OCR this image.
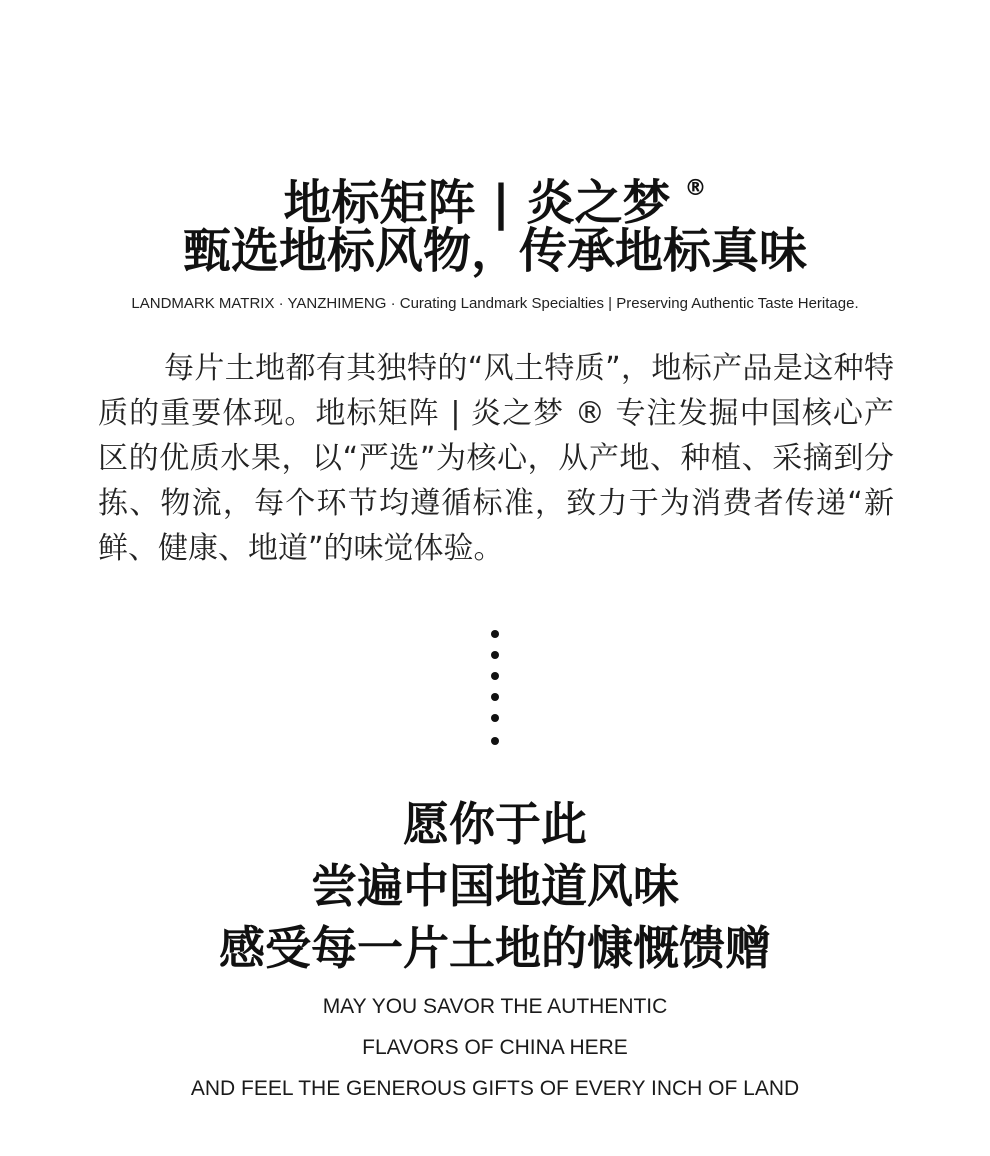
地标矩阵 | 炎之梦 ®
甄选地标风物，传承地标真味
LANDMARK MATRIX · YANZHIMENG · Curating Landmark Specialties | Preserving Authentic Taste Heritage.

每片土地都有其独特的“风土特质”，地标产品是这种特质的重要体现。地标矩阵 | 炎之梦 ® 专注发掘中国核心产区的优质水果，以“严选”为核心，从产地、种植、采摘到分拣、物流，每个环节均遵循标准，致力于为消费者传递“新鲜、健康、地道”的味觉体验。

愿你于此
尝遍中国地道风味
感受每一片土地的慷慨馈赠
MAY YOU SAVOR THE AUTHENTIC
FLAVORS OF CHINA HERE
AND FEEL THE GENEROUS GIFTS OF EVERY INCH OF LAND
